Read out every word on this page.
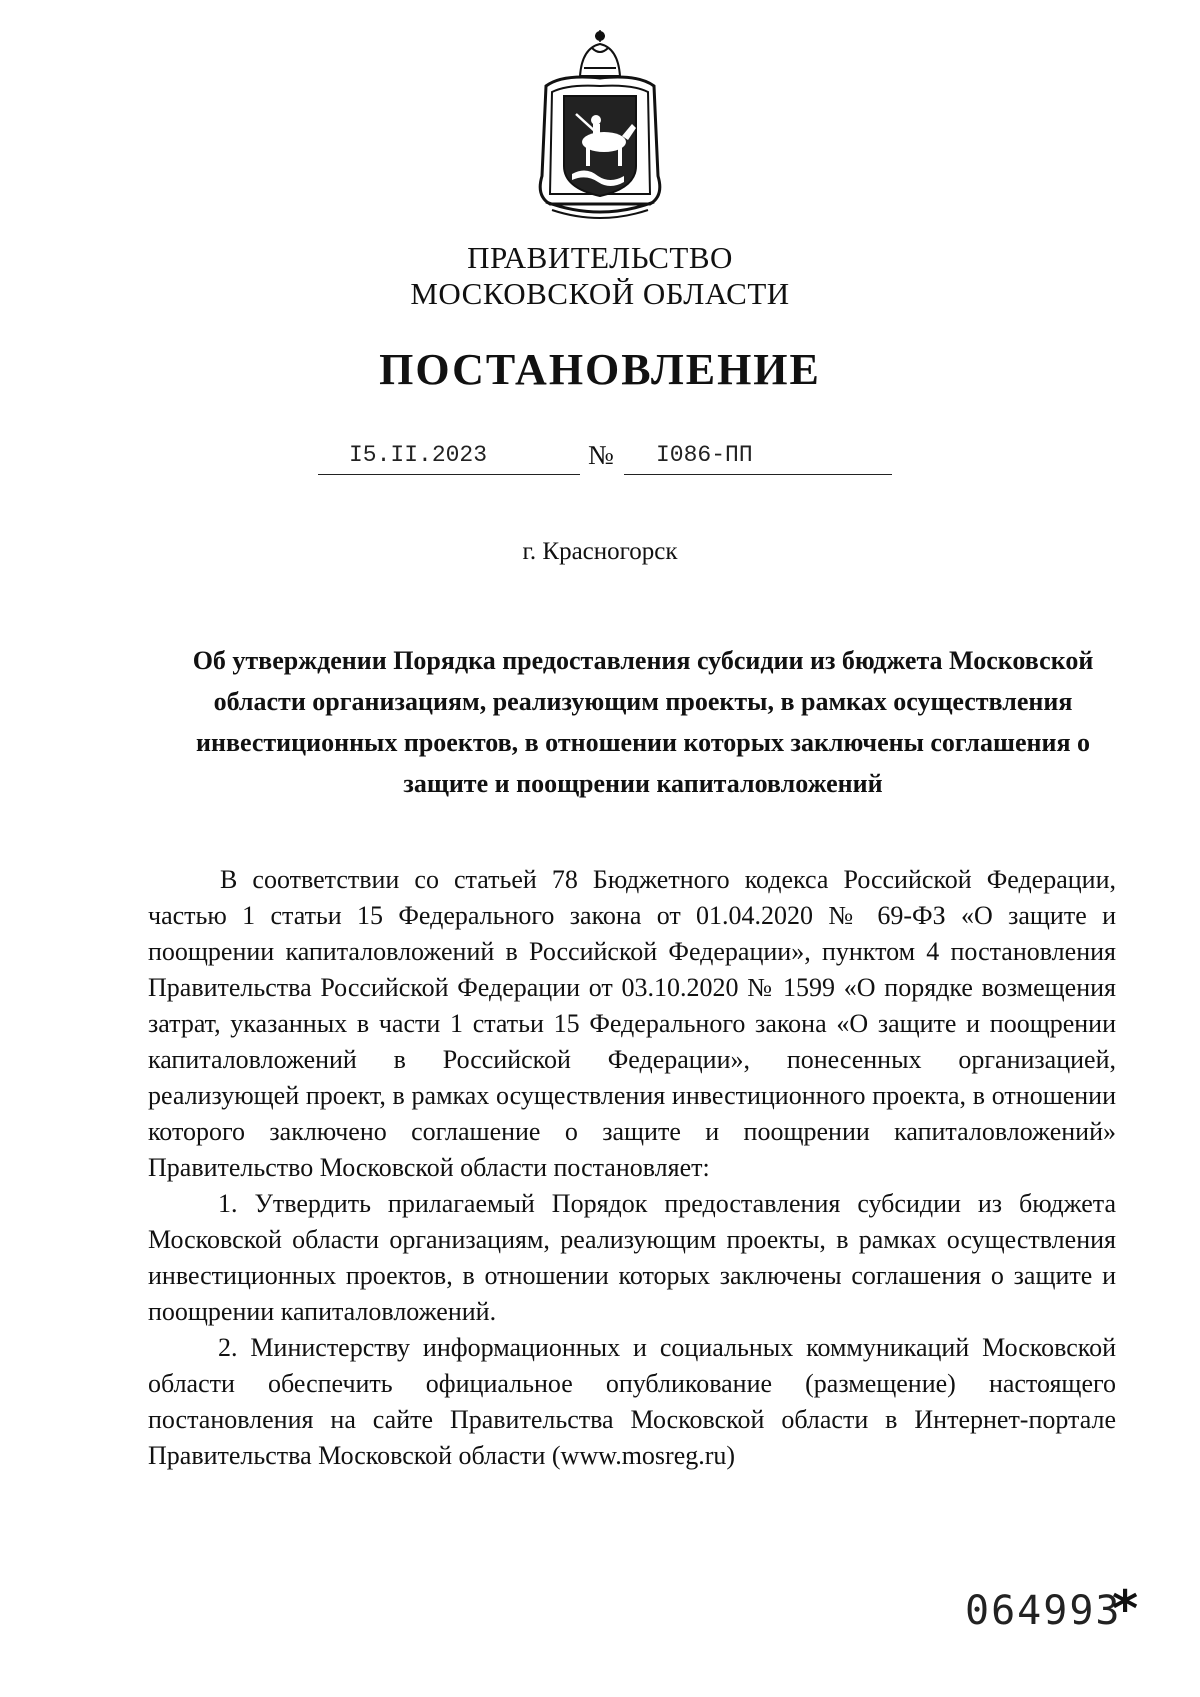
ПРАВИТЕЛЬСТВО
МОСКОВСКОЙ ОБЛАСТИ
ПОСТАНОВЛЕНИЕ
I5.II.2023	№ I086-ПП
г. Красногорск
Об утверждении Порядка предоставления субсидии из бюджета Московской области организациям, реализующим проекты, в рамках осуществления инвестиционных проектов, в отношении которых заключены соглашения о защите и поощрении капиталовложений

В соответствии со статьей 78 Бюджетного кодекса Российской Федерации, частью 1 статьи 15 Федерального закона от 01.04.2020 № 69-ФЗ «О защите и поощрении капиталовложений в Российской Федерации», пунктом 4 постановления Правительства Российской Федерации от 03.10.2020 № 1599 «О порядке возмещения затрат, указанных в части 1 статьи 15 Федерального закона «О защите и поощрении капиталовложений в Российской Федерации», понесенных организацией, реализующей проект, в рамках осуществления инвестиционного проекта, в отношении которого заключено соглашение о защите и поощрении капиталовложений» Правительство Московской области постановляет:

1. Утвердить прилагаемый Порядок предоставления субсидии из бюджета Московской области организациям, реализующим проекты, в рамках осуществления инвестиционных проектов, в отношении которых заключены соглашения о защите и поощрении капиталовложений.

2. Министерству информационных и социальных коммуникаций Московской области обеспечить официальное опубликование (размещение) настоящего постановления на сайте Правительства Московской области в Интернет-портале Правительства Московской области (www.mosreg.ru)

064993
*
